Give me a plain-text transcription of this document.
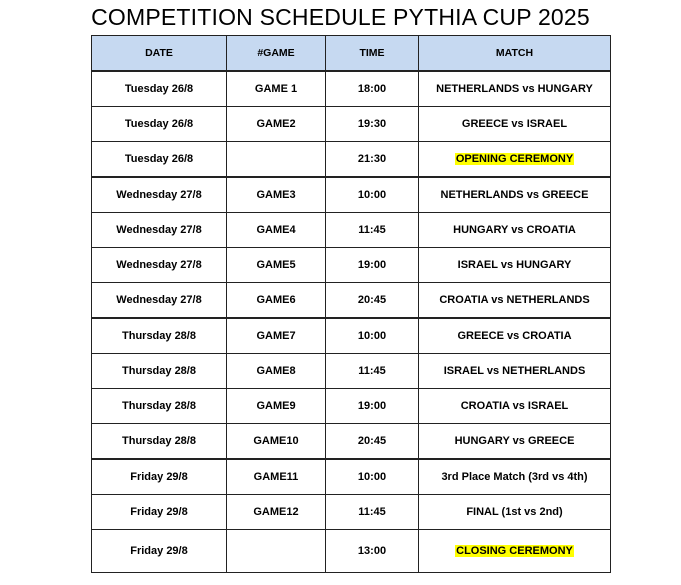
COMPETITION SCHEDULE PYTHIA CUP 2025
DATE	#GAME	TIME	MATCH
Tuesday 26/8	GAME 1	18:00	NETHERLANDS vs HUNGARY
Tuesday 26/8	GAME2	19:30	GREECE vs ISRAEL
Tuesday 26/8		21:30	OPENING CEREMONY
Wednesday 27/8	GAME3	10:00	NETHERLANDS vs GREECE
Wednesday 27/8	GAME4	11:45	HUNGARY vs CROATIA
Wednesday 27/8	GAME5	19:00	ISRAEL vs HUNGARY
Wednesday 27/8	GAME6	20:45	CROATIA vs NETHERLANDS
Thursday 28/8	GAME7	10:00	GREECE vs CROATIA
Thursday 28/8	GAME8	11:45	ISRAEL vs NETHERLANDS
Thursday 28/8	GAME9	19:00	CROATIA vs ISRAEL
Thursday 28/8	GAME10	20:45	HUNGARY vs GREECE
Friday 29/8	GAME11	10:00	3rd Place Match (3rd vs 4th)
Friday 29/8	GAME12	11:45	FINAL (1st vs 2nd)
Friday 29/8		13:00	CLOSING CEREMONY
